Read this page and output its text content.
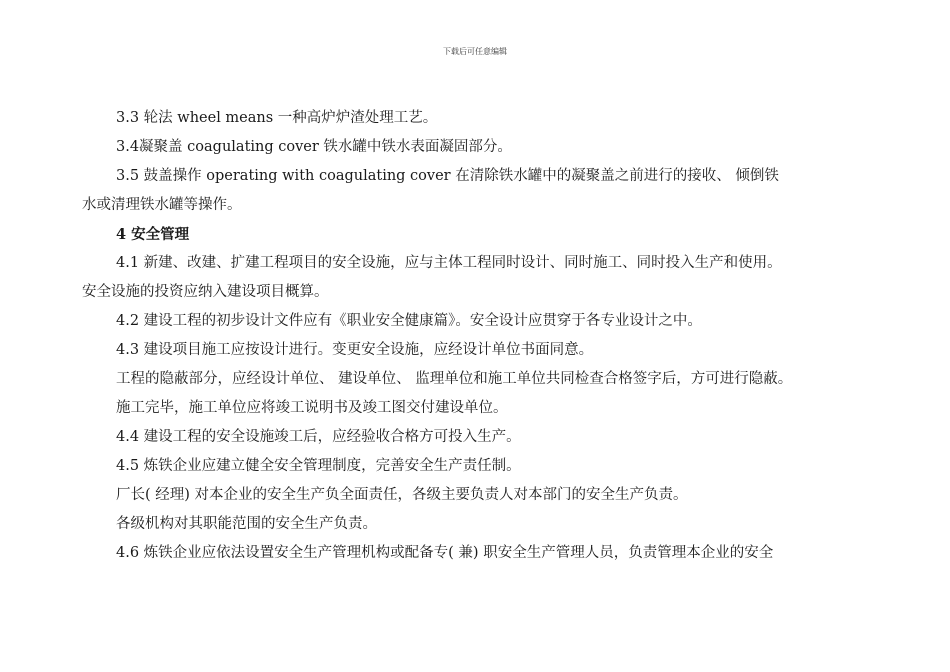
下载后可任意编辑
3.3 轮法 wheel means 一种高炉炉渣处理工艺。
3.4凝聚盖 coagulating cover 铁水罐中铁水表面凝固部分。
3.5 鼓盖操作 operating with coagulating cover 在清除铁水罐中的凝聚盖之前进行的接收、 倾倒铁
水或清理铁水罐等操作。
4 安全管理
4.1 新建、改建、扩建工程项目的安全设施，应与主体工程同时设计、同时施工、同时投入生产和使用。
安全设施的投资应纳入建设项目概算。
4.2 建设工程的初步设计文件应有《职业安全健康篇》。安全设计应贯穿于各专业设计之中。
4.3 建设项目施工应按设计进行。变更安全设施，应经设计单位书面同意。
工程的隐蔽部分，应经设计单位、 建设单位、 监理单位和施工单位共同检查合格签字后，方可进行隐蔽。
施工完毕，施工单位应将竣工说明书及竣工图交付建设单位。
4.4 建设工程的安全设施竣工后，应经验收合格方可投入生产。
4.5 炼铁企业应建立健全安全管理制度，完善安全生产责任制。
厂长( 经理) 对本企业的安全生产负全面责任，各级主要负责人对本部门的安全生产负责。
各级机构对其职能范围的安全生产负责。
4.6 炼铁企业应依法设置安全生产管理机构或配备专( 兼) 职安全生产管理人员，负责管理本企业的安全
